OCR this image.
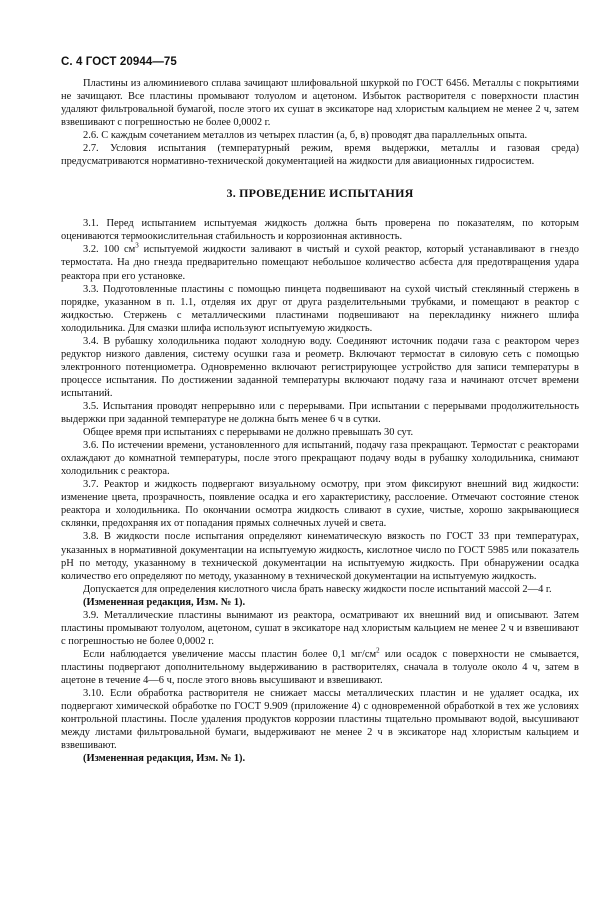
С. 4 ГОСТ 20944—75

Пластины из алюминиевого сплава зачищают шлифовальной шкуркой по ГОСТ 6456. Металлы с покрытиями не зачищают. Все пластины промывают толуолом и ацетоном. Избыток растворителя с поверхности пластин удаляют фильтровальной бумагой, после этого их сушат в эксикаторе над хлористым кальцием не менее 2 ч, затем взвешивают с погрешностью не более 0,0002 г.

2.6. С каждым сочетанием металлов из четырех пластин (а, б, в) проводят два параллельных опыта.

2.7. Условия испытания (температурный режим, время выдержки, металлы и газовая среда) предусматриваются нормативно-технической документацией на жидкости для авиационных гидросистем.

3. ПРОВЕДЕНИЕ ИСПЫТАНИЯ

3.1. Перед испытанием испытуемая жидкость должна быть проверена по показателям, по которым оцениваются термоокислительная стабильность и коррозионная активность.

3.2. 100 $см^3$ испытуемой жидкости заливают в чистый и сухой реактор, который устанавливают в гнездо термостата. На дно гнезда предварительно помещают небольшое количество асбеста для предотвращения удара реактора при его установке.

3.3. Подготовленные пластины с помощью пинцета подвешивают на сухой чистый стеклянный стержень в порядке, указанном в п. 1.1, отделяя их друг от друга разделительными трубками, и помещают в реактор с жидкостью. Стержень с металлическими пластинами подвешивают на перекладинку нижнего шлифа холодильника. Для смазки шлифа используют испытуемую жидкость.

3.4. В рубашку холодильника подают холодную воду. Соединяют источник подачи газа с реактором через редуктор низкого давления, систему осушки газа и реометр. Включают термостат в силовую сеть с помощью электронного потенциометра. Одновременно включают регистрирующее устройство для записи температуры в процессе испытания. По достижении заданной температуры включают подачу газа и начинают отсчет времени испытаний.

3.5. Испытания проводят непрерывно или с перерывами. При испытании с перерывами продолжительность выдержки при заданной температуре не должна быть менее 6 ч в сутки.

Общее время при испытаниях с перерывами не должно превышать 30 сут.

3.6. По истечении времени, установленного для испытаний, подачу газа прекращают. Термостат с реакторами охлаждают до комнатной температуры, после этого прекращают подачу воды в рубашку холодильника, снимают холодильник с реактора.

3.7. Реактор и жидкость подвергают визуальному осмотру, при этом фиксируют внешний вид жидкости: изменение цвета, прозрачность, появление осадка и его характеристику, расслоение. Отмечают состояние стенок реактора и холодильника. По окончании осмотра жидкость сливают в сухие, чистые, хорошо закрывающиеся склянки, предохраняя их от попадания прямых солнечных лучей и света.

3.8. В жидкости после испытания определяют кинематическую вязкость по ГОСТ 33 при температурах, указанных в нормативной документации на испытуемую жидкость, кислотное число по ГОСТ 5985 или показатель pH по методу, указанному в технической документации на испытуемую жидкость. При обнаружении осадка количество его определяют по методу, указанному в технической документации на испытуемую жидкость.

Допускается для определения кислотного числа брать навеску жидкости после испытаний массой 2—4 г.

(Измененная редакция, Изм. № 1).

3.9. Металлические пластины вынимают из реактора, осматривают их внешний вид и описывают. Затем пластины промывают толуолом, ацетоном, сушат в эксикаторе над хлористым кальцием не менее 2 ч и взвешивают с погрешностью не более 0,0002 г.

Если наблюдается увеличение массы пластин более 0,1 $мг/см^2$ или осадок с поверхности не смывается, пластины подвергают дополнительному выдерживанию в растворителях, сначала в толуоле около 4 ч, затем в ацетоне в течение 4—6 ч, после этого вновь высушивают и взвешивают.

3.10. Если обработка растворителя не снижает массы металлических пластин и не удаляет осадка, их подвергают химической обработке по ГОСТ 9.909 (приложение 4) с одновременной обработкой в тех же условиях контрольной пластины. После удаления продуктов коррозии пластины тщательно промывают водой, высушивают между листами фильтровальной бумаги, выдерживают не менее 2 ч в эксикаторе над хлористым кальцием и взвешивают.

(Измененная редакция, Изм. № 1).
